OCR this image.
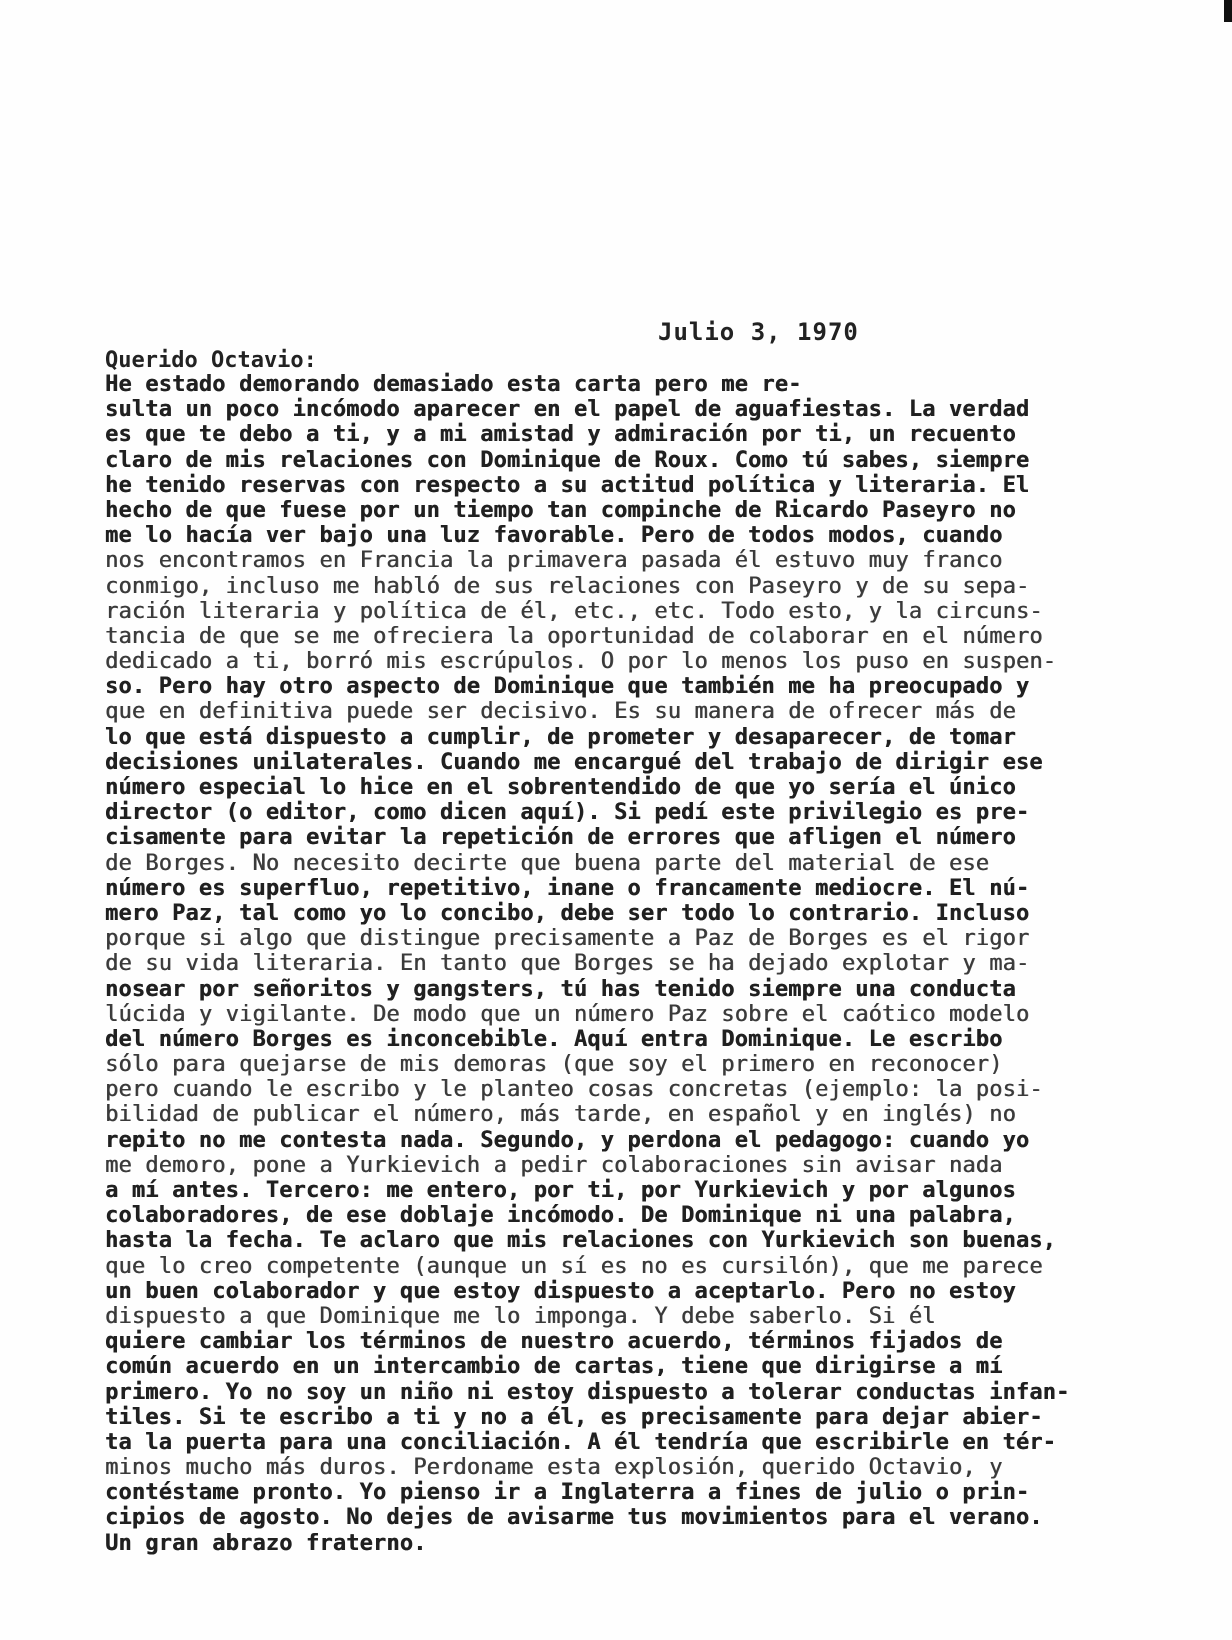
Julio 3, 1970
Querido Octavio:
He estado demorando demasiado esta carta pero me re-
sulta un poco incómodo aparecer en el papel de aguafiestas. La verdad
es que te debo a ti, y a mi amistad y admiración por ti, un recuento
claro de mis relaciones con Dominique de Roux. Como tú sabes, siempre
he tenido reservas con respecto a su actitud política y literaria. El
hecho de que fuese por un tiempo tan compinche de Ricardo Paseyro no
me lo hacía ver bajo una luz favorable. Pero de todos modos, cuando
nos encontramos en Francia la primavera pasada él estuvo muy franco
conmigo, incluso me habló de sus relaciones con Paseyro y de su sepa-
ración literaria y política de él, etc., etc. Todo esto, y la circuns-
tancia de que se me ofreciera la oportunidad de colaborar en el número
dedicado a ti, borró mis escrúpulos. O por lo menos los puso en suspen-
so. Pero hay otro aspecto de Dominique que también me ha preocupado y
que en definitiva puede ser decisivo. Es su manera de ofrecer más de
lo que está dispuesto a cumplir, de prometer y desaparecer, de tomar
decisiones unilaterales. Cuando me encargué del trabajo de dirigir ese
número especial lo hice en el sobrentendido de que yo sería el único
director (o editor, como dicen aquí). Si pedí este privilegio es pre-
cisamente para evitar la repetición de errores que afligen el número
de Borges. No necesito decirte que buena parte del material de ese
número es superfluo, repetitivo, inane o francamente mediocre. El nú-
mero Paz, tal como yo lo concibo, debe ser todo lo contrario. Incluso
porque si algo que distingue precisamente a Paz de Borges es el rigor
de su vida literaria. En tanto que Borges se ha dejado explotar y ma-
nosear por señoritos y gangsters, tú has tenido siempre una conducta
lúcida y vigilante. De modo que un número Paz sobre el caótico modelo
del número Borges es inconcebible. Aquí entra Dominique. Le escribo
sólo para quejarse de mis demoras (que soy el primero en reconocer)
pero cuando le escribo y le planteo cosas concretas (ejemplo: la posi-
bilidad de publicar el número, más tarde, en español y en inglés) no
repito no me contesta nada. Segundo, y perdona el pedagogo: cuando yo
me demoro, pone a Yurkievich a pedir colaboraciones sin avisar nada
a mí antes. Tercero: me entero, por ti, por Yurkievich y por algunos
colaboradores, de ese doblaje incómodo. De Dominique ni una palabra,
hasta la fecha. Te aclaro que mis relaciones con Yurkievich son buenas,
que lo creo competente (aunque un sí es no es cursilón), que me parece
un buen colaborador y que estoy dispuesto a aceptarlo. Pero no estoy
dispuesto a que Dominique me lo imponga. Y debe saberlo. Si él
quiere cambiar los términos de nuestro acuerdo, términos fijados de
común acuerdo en un intercambio de cartas, tiene que dirigirse a mí
primero. Yo no soy un niño ni estoy dispuesto a tolerar conductas infan-
tiles. Si te escribo a ti y no a él, es precisamente para dejar abier-
ta la puerta para una conciliación. A él tendría que escribirle en tér-
minos mucho más duros. Perdoname esta explosión, querido Octavio, y
contéstame pronto. Yo pienso ir a Inglaterra a fines de julio o prin-
cipios de agosto. No dejes de avisarme tus movimientos para el verano.
Un gran abrazo fraterno.
